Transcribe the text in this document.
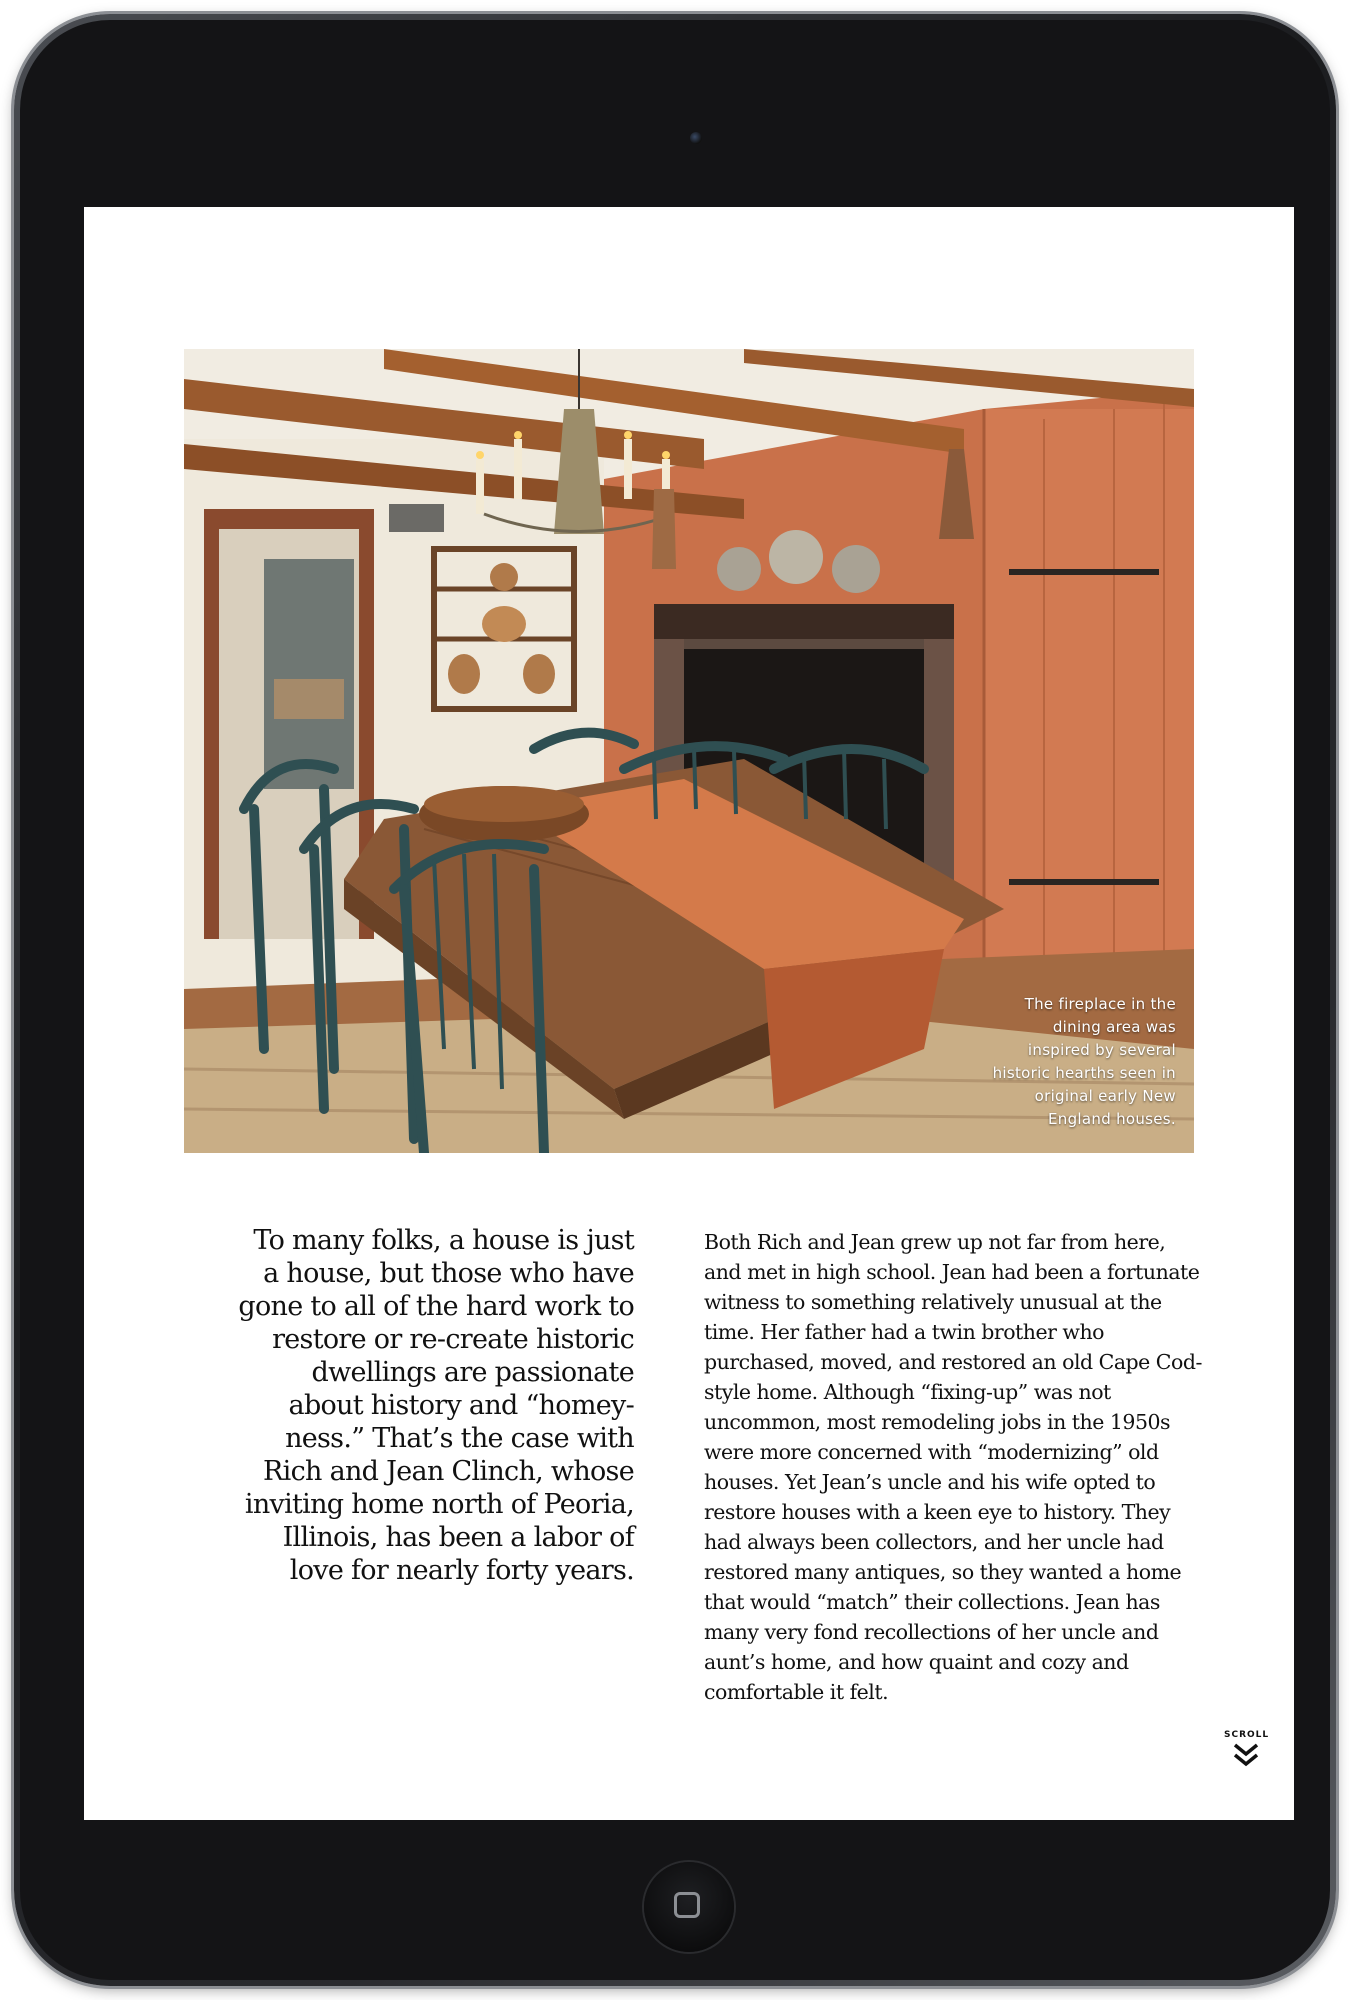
The fireplace in the dining area was inspired by several historic hearths seen in original early New England houses.
To many folks, a house is just a house, but those who have gone to all of the hard work to restore or re-create historic dwellings are passionate about history and “homey-ness.” That’s the case with Rich and Jean Clinch, whose inviting home north of Peoria, Illinois, has been a labor of love for nearly forty years.
Both Rich and Jean grew up not far from here, and met in high school. Jean had been a fortunate witness to something relatively unusual at the time. Her father had a twin brother who purchased, moved, and restored an old Cape Cod-style home. Although “fixing-up” was not uncommon, most remodeling jobs in the 1950s were more concerned with “modernizing” old houses. Yet Jean’s uncle and his wife opted to restore houses with a keen eye to history. They had always been collectors, and her uncle had restored many antiques, so they wanted a home that would “match” their collections. Jean has many very fond recollections of her uncle and aunt’s home, and how quaint and cozy and comfortable it felt.
SCROLL
